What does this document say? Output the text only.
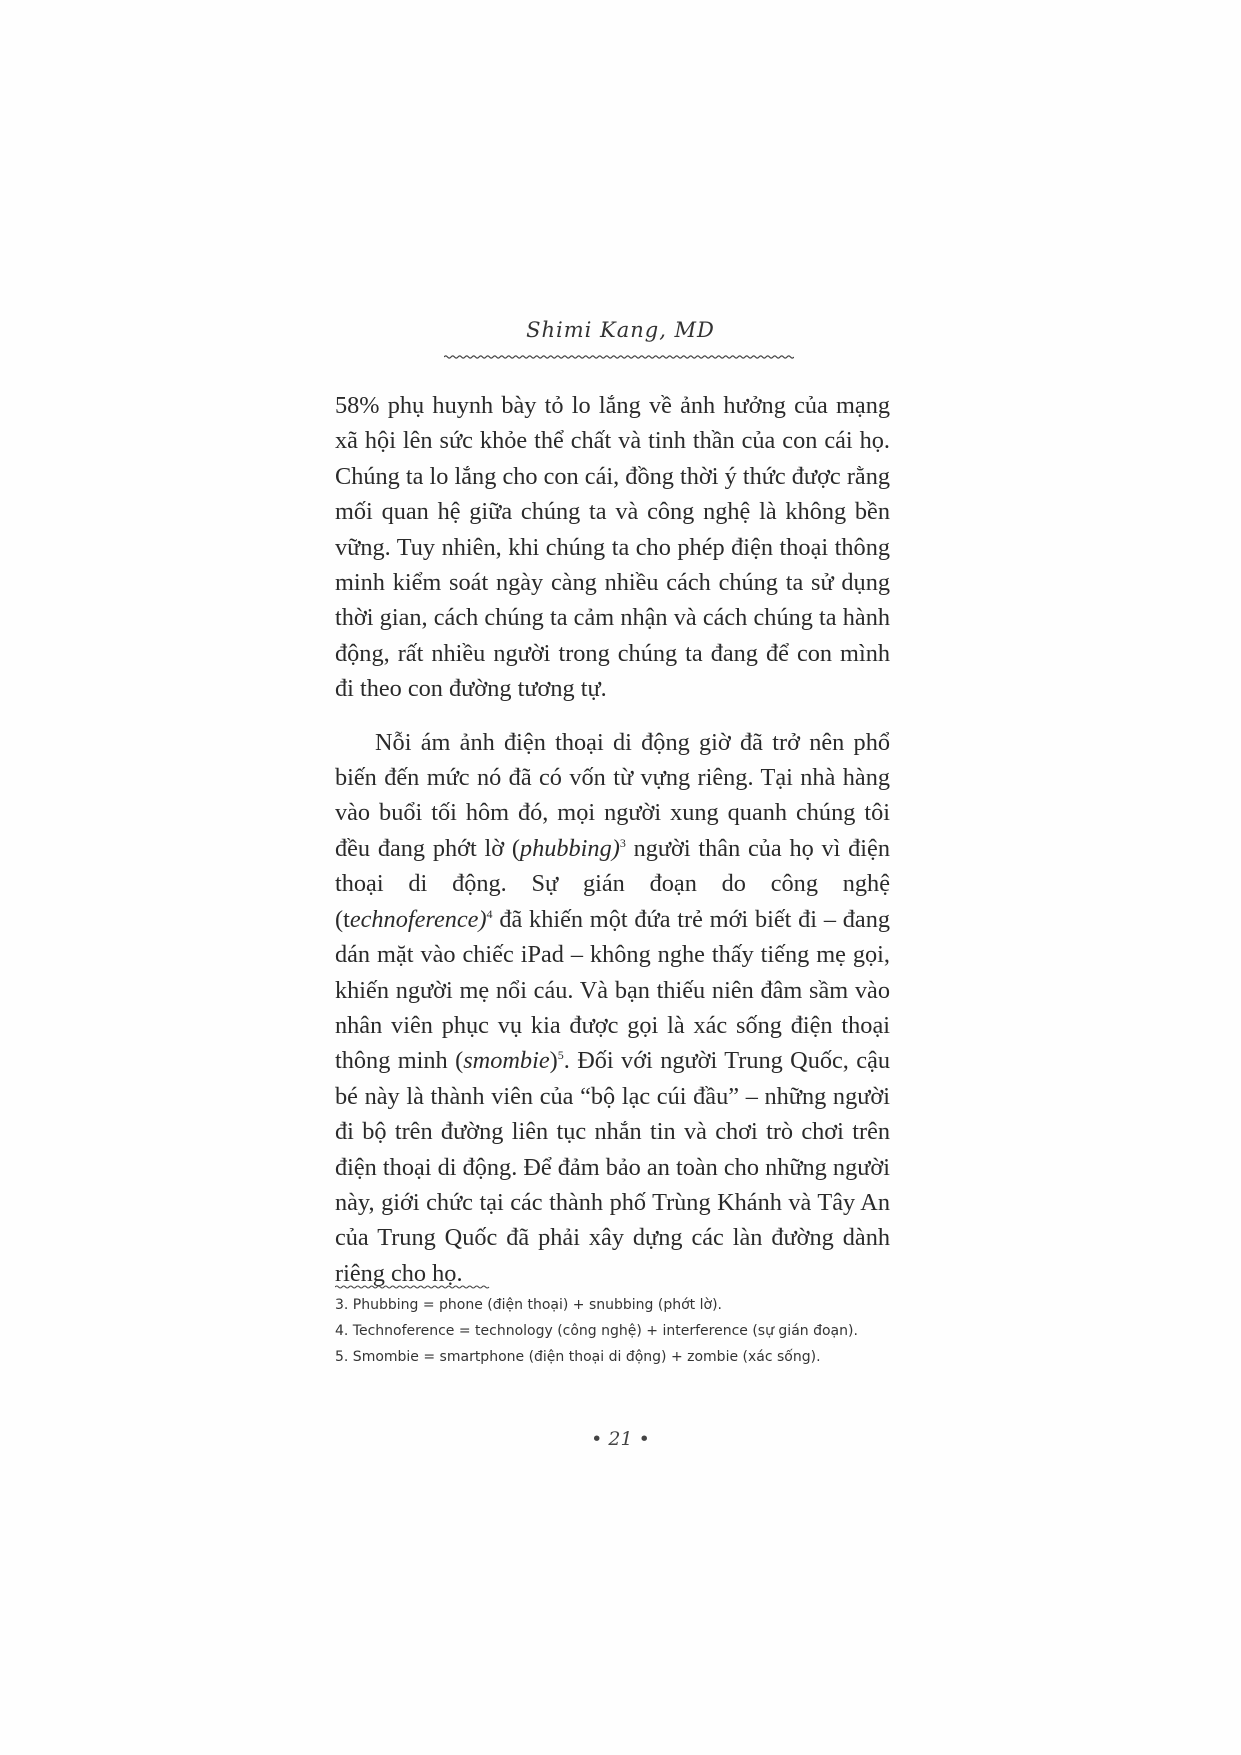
Shimi Kang, MD

58% phụ huynh bày tỏ lo lắng về ảnh hưởng của mạng xã hội lên sức khỏe thể chất và tinh thần của con cái họ. Chúng ta lo lắng cho con cái, đồng thời ý thức được rằng mối quan hệ giữa chúng ta và công nghệ là không bền vững. Tuy nhiên, khi chúng ta cho phép điện thoại thông minh kiểm soát ngày càng nhiều cách chúng ta sử dụng thời gian, cách chúng ta cảm nhận và cách chúng ta hành động, rất nhiều người trong chúng ta đang để con mình đi theo con đường tương tự.

Nỗi ám ảnh điện thoại di động giờ đã trở nên phổ biến đến mức nó đã có vốn từ vựng riêng. Tại nhà hàng vào buổi tối hôm đó, mọi người xung quanh chúng tôi đều đang phớt lờ (phubbing)$^3$ người thân của họ vì điện thoại di động. Sự gián đoạn do công nghệ (technoference)$^4$ đã khiến một đứa trẻ mới biết đi – đang dán mặt vào chiếc iPad – không nghe thấy tiếng mẹ gọi, khiến người mẹ nổi cáu. Và bạn thiếu niên đâm sầm vào nhân viên phục vụ kia được gọi là xác sống điện thoại thông minh (smombie)$^5$. Đối với người Trung Quốc, cậu bé này là thành viên của “bộ lạc cúi đầu” – những người đi bộ trên đường liên tục nhắn tin và chơi trò chơi trên điện thoại di động. Để đảm bảo an toàn cho những người này, giới chức tại các thành phố Trùng Khánh và Tây An của Trung Quốc đã phải xây dựng các làn đường dành riêng cho họ.

3. Phubbing = phone (điện thoại) + snubbing (phớt lờ).
4. Technoference = technology (công nghệ) + interference (sự gián đoạn).
5. Smombie = smartphone (điện thoại di động) + zombie (xác sống).
• 21 •
